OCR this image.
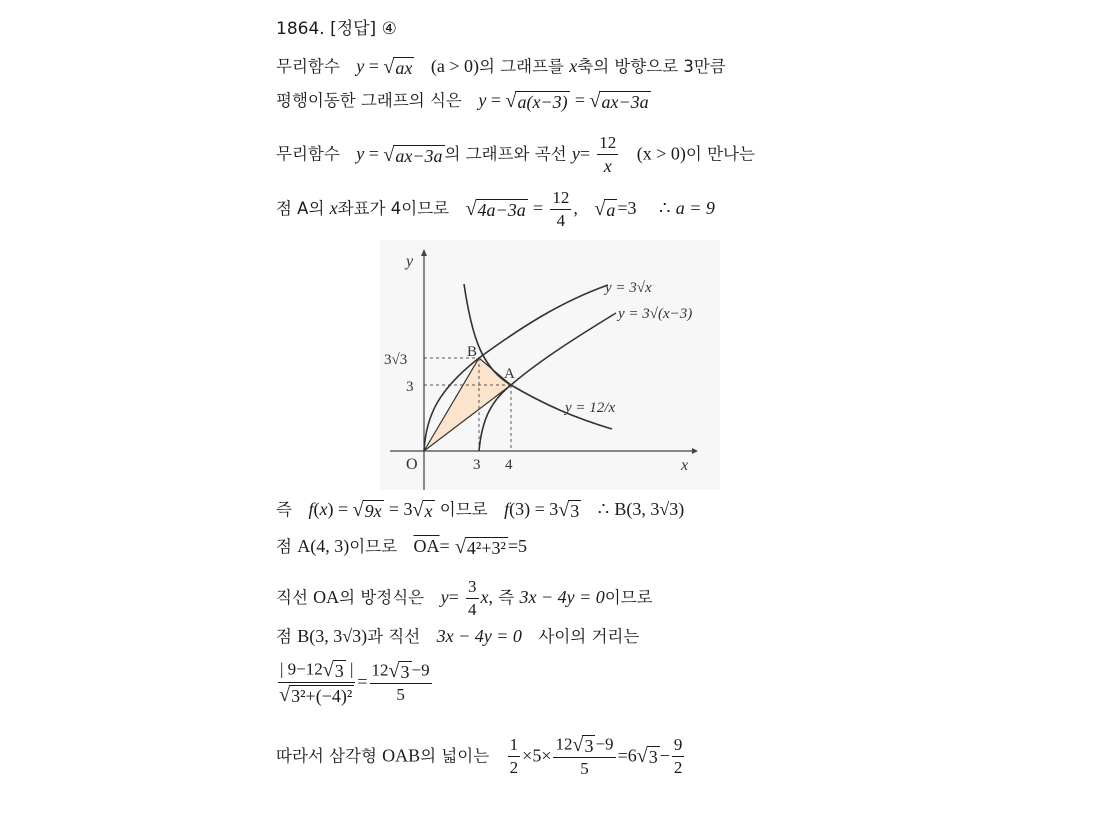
1864. [정답] ④
무리함수 y = √ ax (a > 0)의 그래프를 x축의 방향으로 3만큼
평행이동한 그래프의 식은 y = √ a(x−3) = √ ax−3a
무리함수 y = √ ax−3a 의 그래프와 곡선 $y= \frac{12}{x} (x > 0)$이 만나는
점 A의 x좌표가 4이므로 √ $4a-3a = \frac{12}{4}$ , √ a =3 ∴ a = 9
y
x
O
3√3
3
3 4
B
A
y = 3√x
y = 3√(x−3)
y = 12/x
즉 f(x) = √ 9x = 3 √ x 이므로 f(3) = 3 √ 3 ∴ B(3, 3√3)
점 A(4, 3)이므로 $\overline{OA}=$ √ 4²+3² =5
직선 OA의 방정식은 $y= \frac{3}{4} x$, 즉 3x − 4y = 0이므로
점 B(3, 3√3)과 직선 3x − 4y = 0 사이의 거리는
$\frac{| 9-12 √ 3 |}{\text{√ 3²+(−4)²}} = \frac{12 √ 3 -9}{5}$
따라서 삼각형 OAB의 넓이는 $\frac{1}{2} \times 5\times \frac{12 √ 3 -9}{5} =6$ √ $3 - \frac{9}{2}$
